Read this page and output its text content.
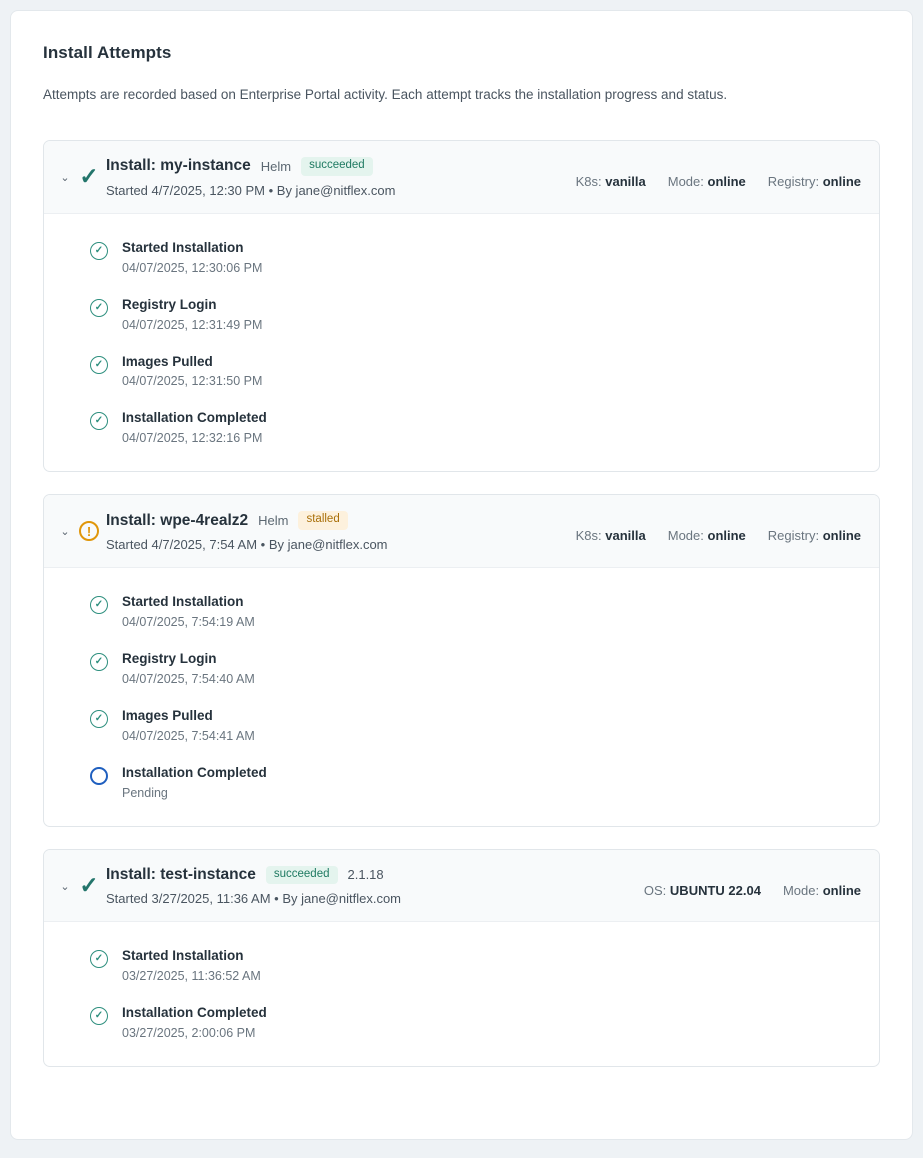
Install Attempts
Attempts are recorded based on Enterprise Portal activity. Each attempt tracks the installation progress and status.
⌄ ✓ Install: my-instance Helm	succeeded
Started 4/7/2025, 12:30 PM • By jane@nitflex.com
K8s: vanilla Mode: online Registry: online
✓	Started Installation
04/07/2025, 12:30:06 PM
✓	Registry Login
04/07/2025, 12:31:49 PM
✓	Images Pulled
04/07/2025, 12:31:50 PM
✓	Installation Completed
04/07/2025, 12:32:16 PM
⌄	!
Install: wpe-4realz2 Helm	stalled
Started 4/7/2025, 7:54 AM • By jane@nitflex.com
K8s: vanilla Mode: online Registry: online
✓	Started Installation
04/07/2025, 7:54:19 AM
✓	Registry Login
04/07/2025, 7:54:40 AM
✓	Images Pulled
04/07/2025, 7:54:41 AM
Installation Completed
Pending
⌄ ✓ Install: test-instance	succeeded	2.1.18
Started 3/27/2025, 11:36 AM • By jane@nitflex.com
OS: UBUNTU 22.04 Mode: online
✓	Started Installation
03/27/2025, 11:36:52 AM
✓	Installation Completed
03/27/2025, 2:00:06 PM
